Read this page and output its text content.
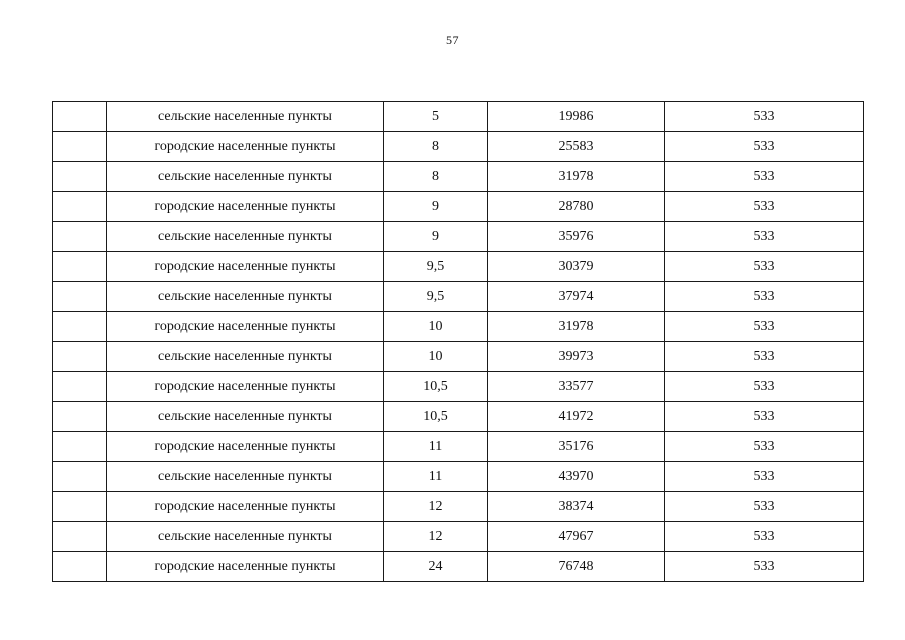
57
	сельские населенные пункты	5	19986	533
	городские населенные пункты	8	25583	533
	сельские населенные пункты	8	31978	533
	городские населенные пункты	9	28780	533
	сельские населенные пункты	9	35976	533
	городские населенные пункты	9,5	30379	533
	сельские населенные пункты	9,5	37974	533
	городские населенные пункты	10	31978	533
	сельские населенные пункты	10	39973	533
	городские населенные пункты	10,5	33577	533
	сельские населенные пункты	10,5	41972	533
	городские населенные пункты	11	35176	533
	сельские населенные пункты	11	43970	533
	городские населенные пункты	12	38374	533
	сельские населенные пункты	12	47967	533
	городские населенные пункты	24	76748	533
